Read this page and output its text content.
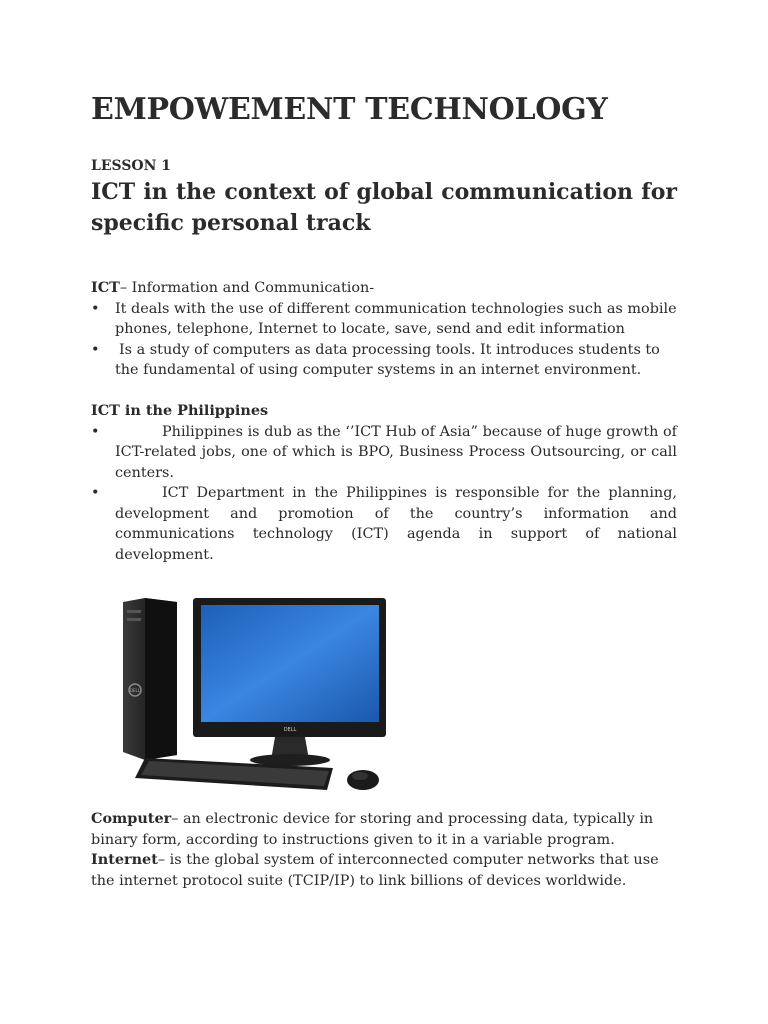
EMPOWEMENT TECHNOLOGY

LESSON 1

ICT in the context of global communication for specific personal track

ICT– Information and Communication-

• It deals with the use of different communication technologies such as mobile phones, telephone, Internet to locate, save, send and edit information
• Is a study of computers as data processing tools. It introduces students to the fundamental of using computer systems in an internet environment.

ICT in the Philippines

• Philippines is dub as the ‘’ICT Hub of Asia” because of huge growth of ICT-related jobs, one of which is BPO, Business Process Outsourcing, or call centers.
• ICT Department in the Philippines is responsible for the planning, development and promotion of the country’s information and communications technology (ICT) agenda in support of national development.

Computer– an electronic device for storing and processing data, typically in binary form, according to instructions given to it in a variable program.

Internet– is the global system of interconnected computer networks that use the internet protocol suite (TCIP/IP) to link billions of devices worldwide.

DELL
DELL
